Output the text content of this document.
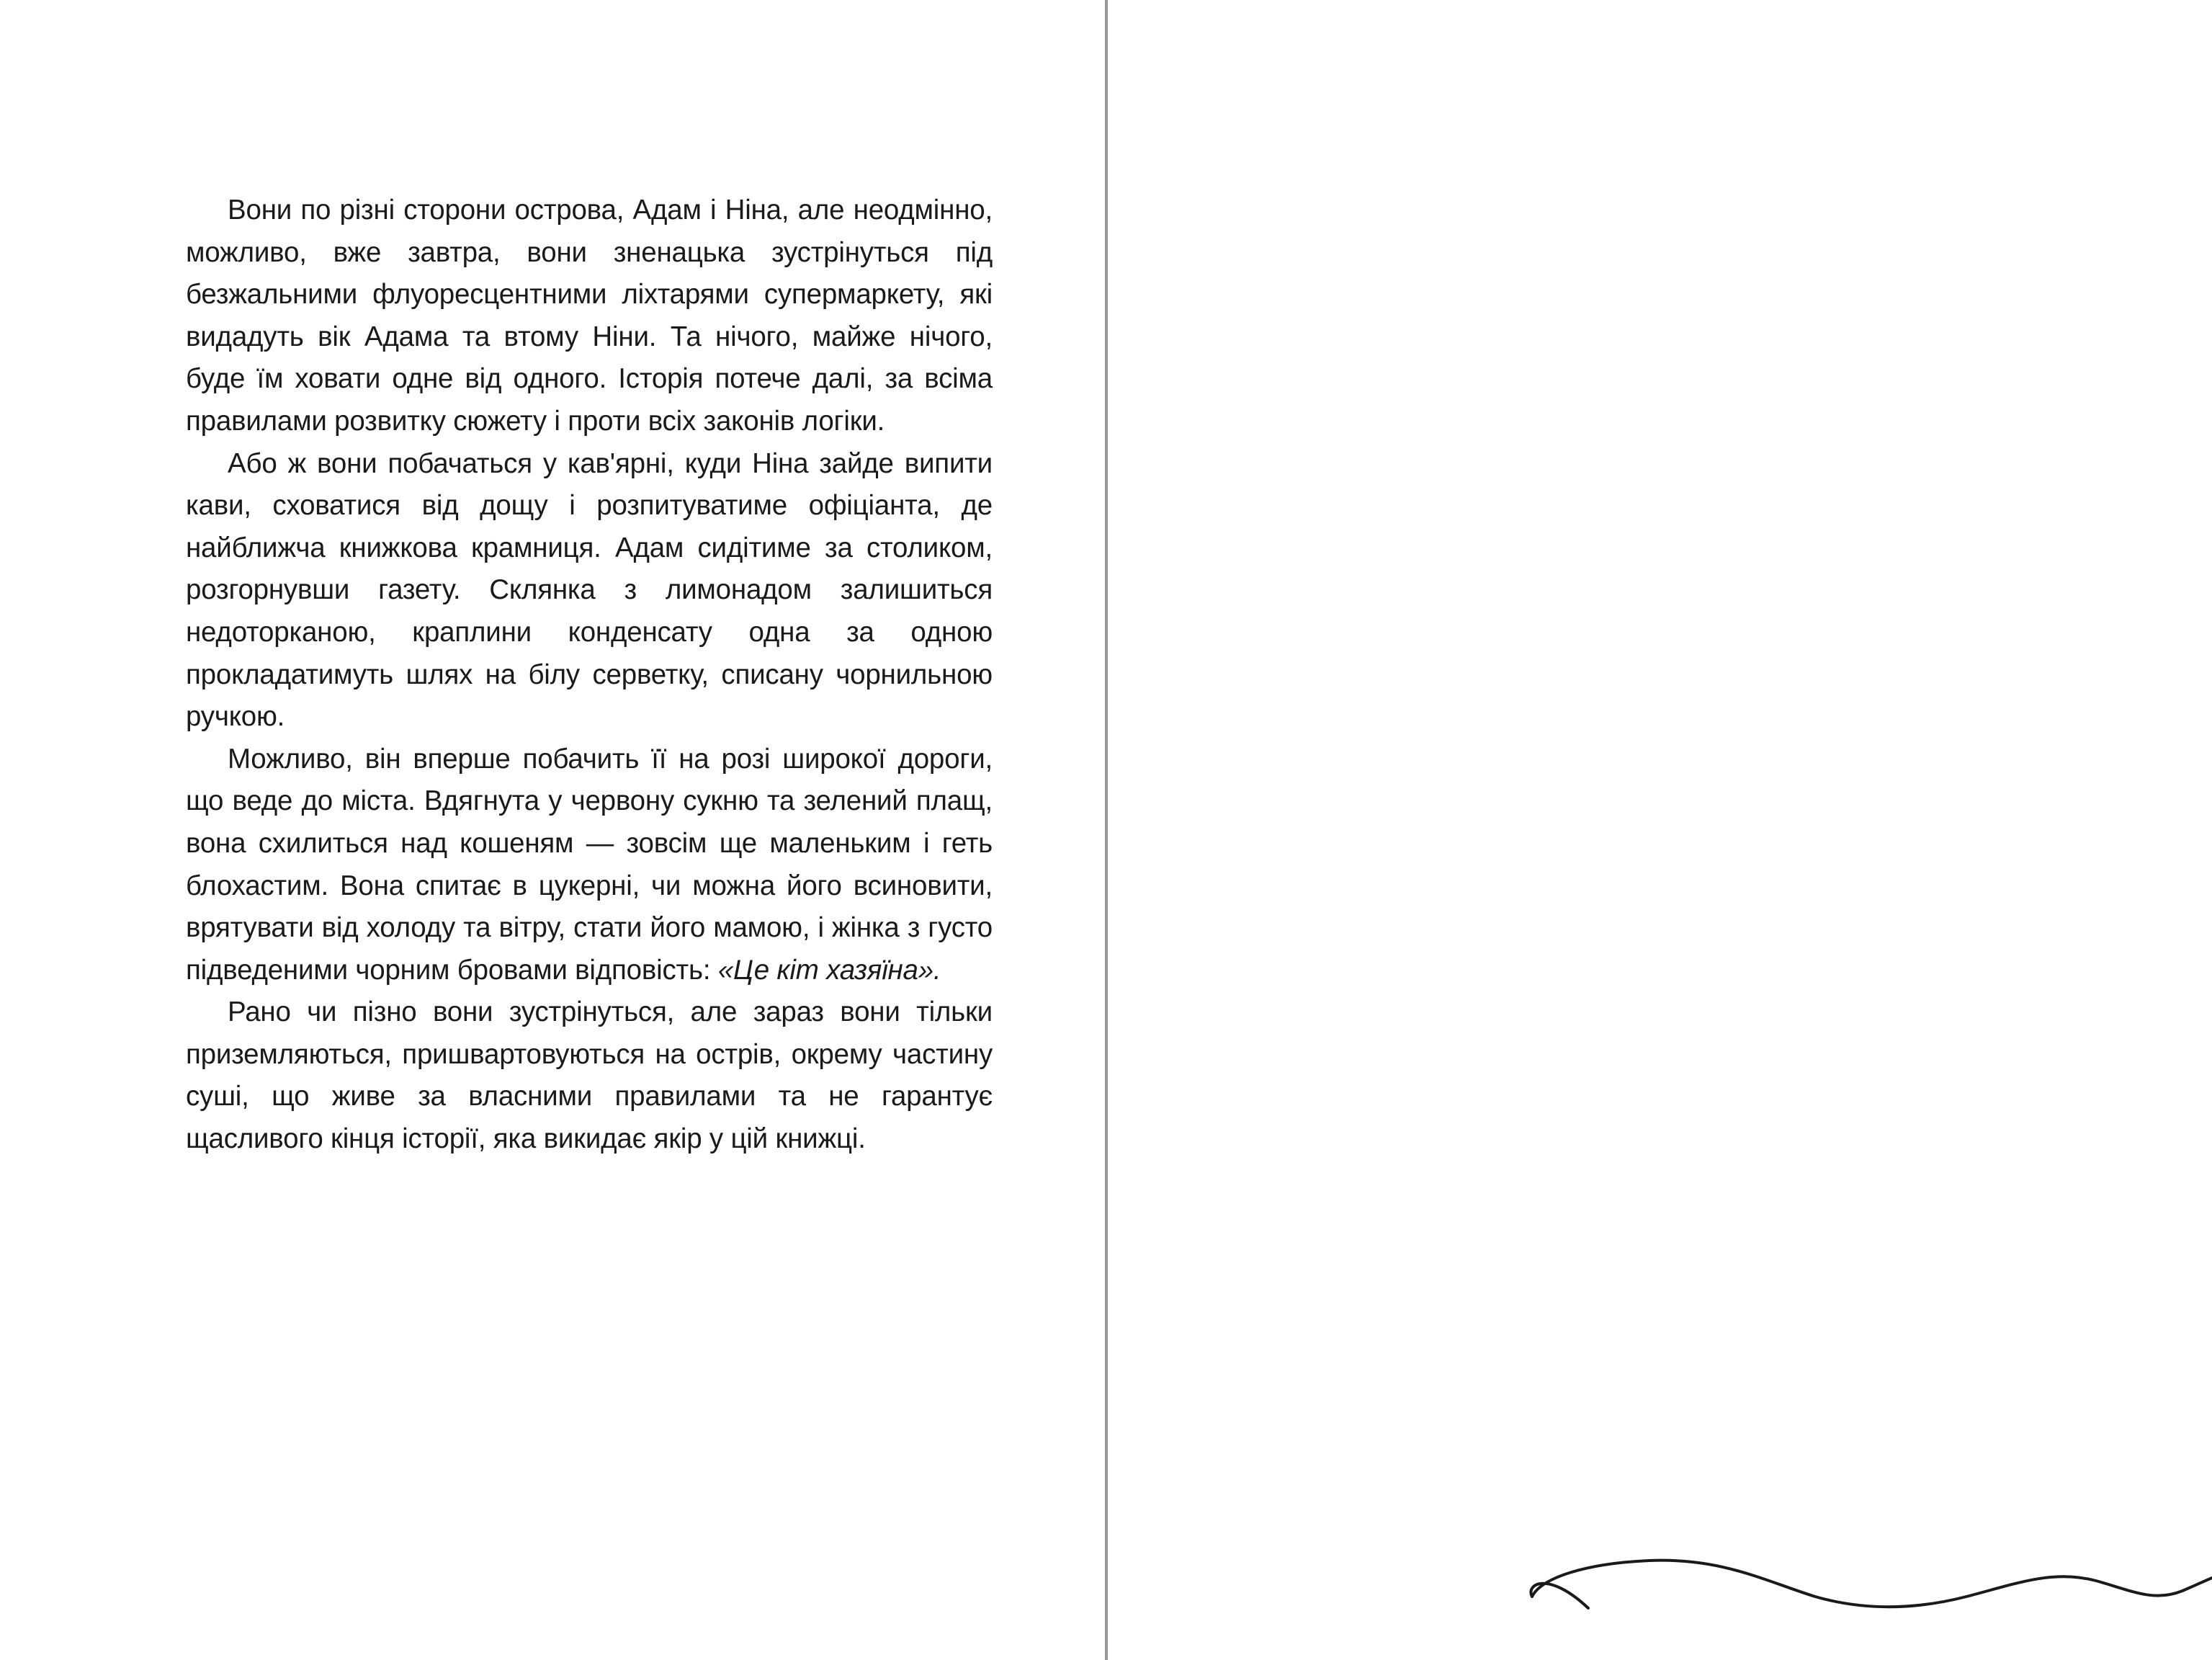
Вони по різні сторони острова, Адам і Ніна, але неодмінно, можливо, вже завтра, вони зненацька зустрінуться під безжальними флуоресцентними ліхтарями супермаркету, які видадуть вік Адама та втому Ніни. Та нічого, майже нічого, буде їм ховати одне від одного. Історія потече далі, за всіма правилами розвитку сюжету і проти всіх законів логіки.

Або ж вони побачаться у кав'ярні, куди Ніна зайде випити кави, сховатися від дощу і розпитуватиме офіціанта, де найближча книжкова крамниця. Адам сидітиме за столиком, розгорнувши газету. Склянка з лимонадом залишиться недоторканою, краплини конденсату одна за одною прокладатимуть шлях на білу серветку, списану чорнильною ручкою.

Можливо, він вперше побачить її на розі широкої дороги, що веде до міста. Вдягнута у червону сукню та зелений плащ, вона схилиться над кошеням — зовсім ще маленьким і геть блохастим. Вона спитає в цукерні, чи можна його всиновити, врятувати від холоду та вітру, стати його мамою, і жінка з густо підведеними чорним бровами відповість: «Це кіт хазяїна».

Рано чи пізно вони зустрінуться, але зараз вони тільки приземляються, пришвартовуються на острів, окрему частину суші, що живе за власними правилами та не гарантує щасливого кінця історії, яка викидає якір у цій книжці.
